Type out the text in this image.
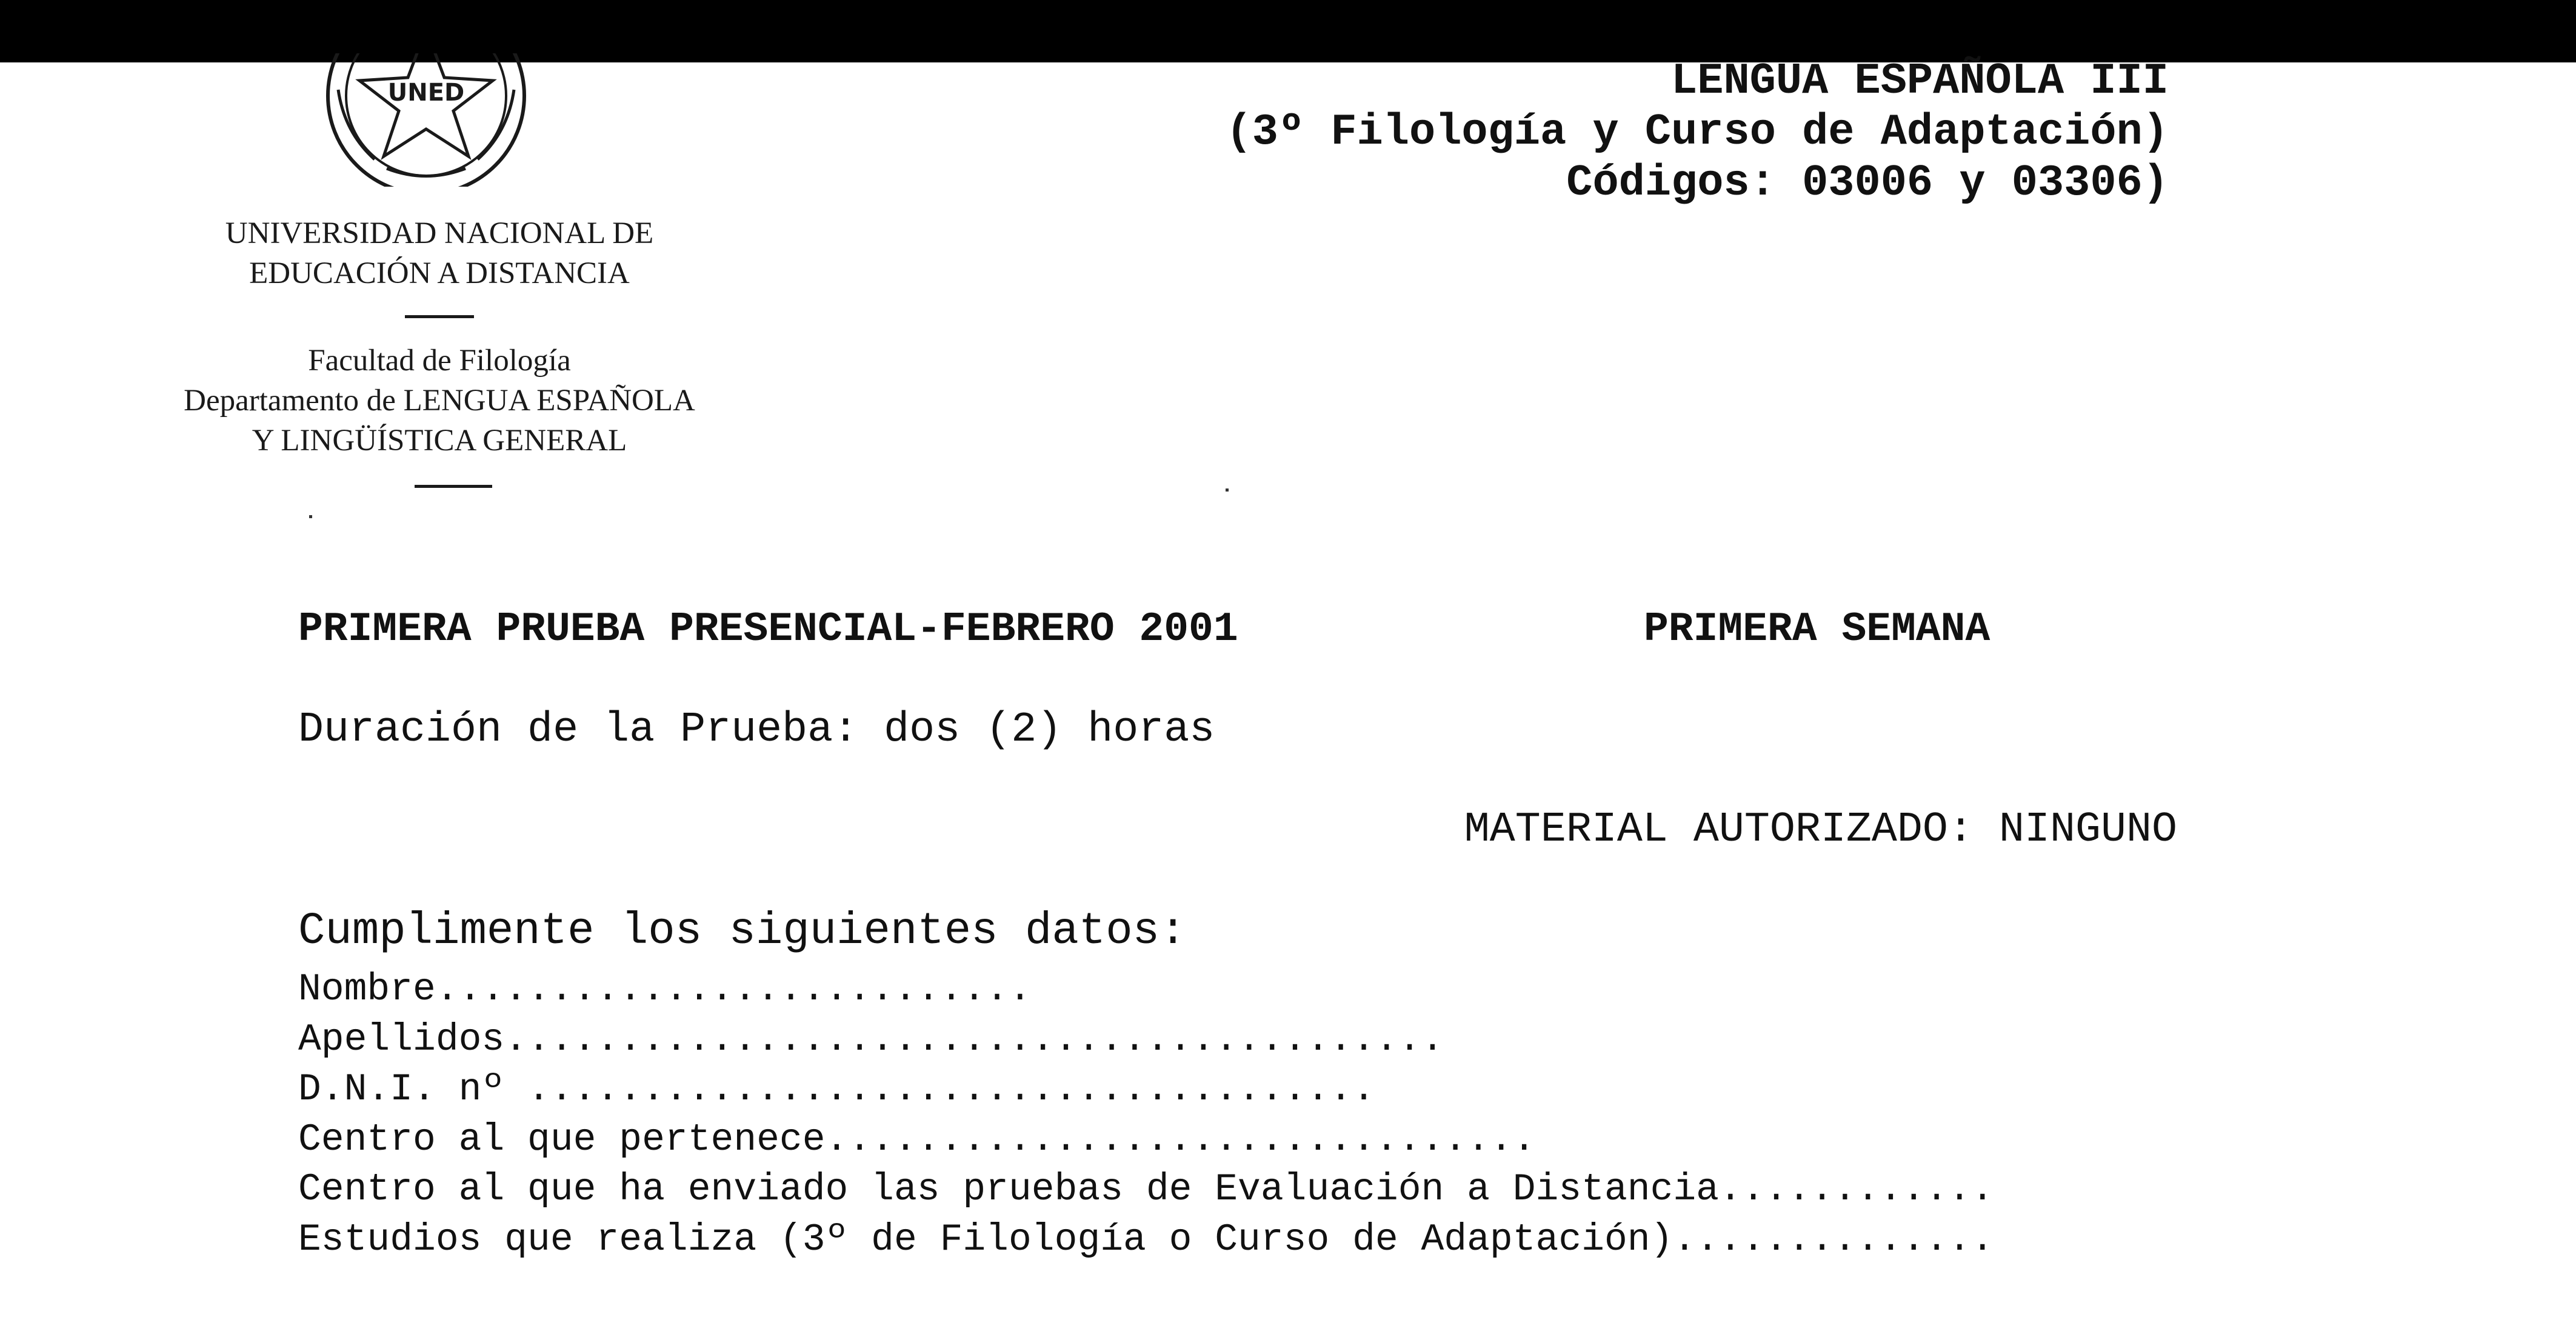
UNED
UNIVERSIDAD NACIONAL DE
EDUCACIÓN A DISTANCIA
Facultad de Filología
Departamento de LENGUA ESPAÑOLA
Y LINGÜÍSTICA GENERAL
LENGUA ESPAÑOLA III
(3º Filología y Curso de Adaptación)
Códigos: 03006 y 03306)
PRIMERA PRUEBA PRESENCIAL-FEBRERO 2001	PRIMERA SEMANA
Duración de la Prueba: dos (2) horas
MATERIAL AUTORIZADO: NINGUNO
Cumplimente los siguientes datos:
Nombre..........................
Apellidos.........................................
D.N.I. nº .....................................
Centro al que pertenece...............................
Centro al que ha enviado las pruebas de Evaluación a Distancia............
Estudios que realiza (3º de Filología o Curso de Adaptación)..............
